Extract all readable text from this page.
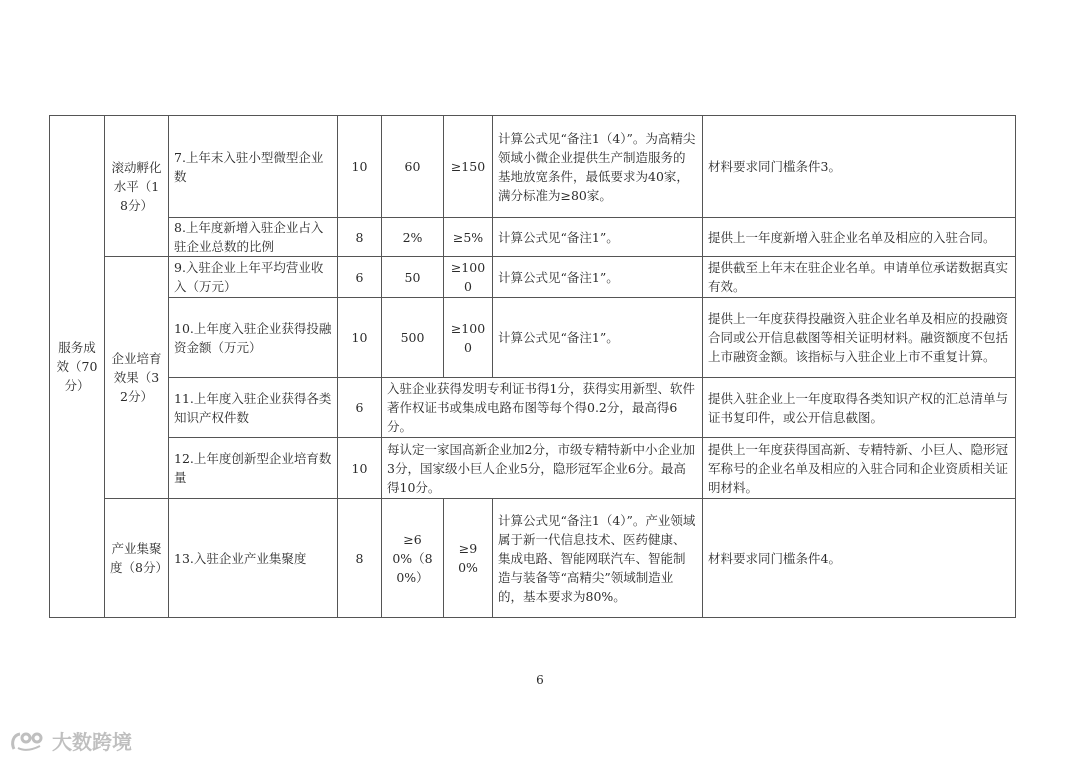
服务成效（70分）	滚动孵化水平（18分）	7.上年末入驻小型微型企业数	10	60	≥150	计算公式见“备注1（4）”。为高精尖领域小微企业提供生产制造服务的基地放宽条件，最低要求为40家，满分标准为≥80家。	材料要求同门槛条件3。
		8.上年度新增入驻企业占入驻企业总数的比例	8	2%	≥5%	计算公式见“备注1”。	提供上一年度新增入驻企业名单及相应的入驻合同。
	企业培育效果（32分）	9.入驻企业上年平均营业收入（万元）	6	50	≥1000	计算公式见“备注1”。	提供截至上年末在驻企业名单。申请单位承诺数据真实有效。
		10.上年度入驻企业获得投融资金额（万元）	10	500	≥1000	计算公式见“备注1”。	提供上一年度获得投融资入驻企业名单及相应的投融资合同或公开信息截图等相关证明材料。融资额度不包括上市融资金额。该指标与入驻企业上市不重复计算。
		11.上年度入驻企业获得各类知识产权件数	6	入驻企业获得发明专利证书得1分，获得实用新型、软件著作权证书或集成电路布图等每个得0.2分，最高得6分。			提供入驻企业上一年度取得各类知识产权的汇总清单与证书复印件，或公开信息截图。
		12.上年度创新型企业培育数量	10	每认定一家国高新企业加2分，市级专精特新中小企业加3分，国家级小巨人企业5分，隐形冠军企业6分。最高得10分。			提供上一年度获得国高新、专精特新、小巨人、隐形冠军称号的企业名单及相应的入驻合同和企业资质相关证明材料。
	产业集聚度（8分）	13.入驻企业产业集聚度	8	≥60%（80%）	≥90%	计算公式见“备注1（4）”。产业领域属于新一代信息技术、医药健康、集成电路、智能网联汽车、智能制造与装备等“高精尖”领域制造业的，基本要求为80%。	材料要求同门槛条件4。
6
大数跨境
